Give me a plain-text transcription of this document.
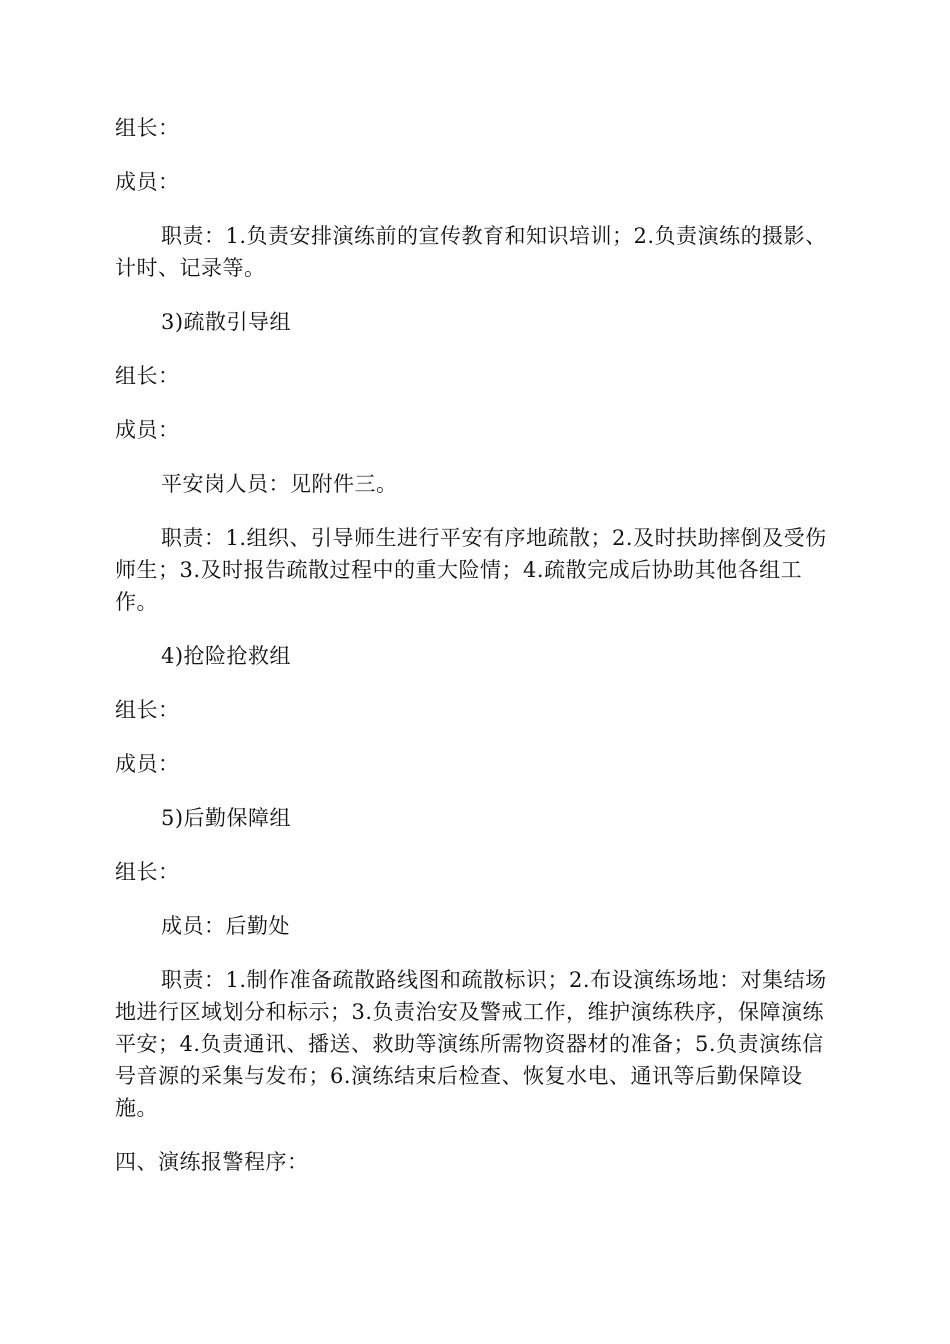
组长：

成员：

职责：1.负责安排演练前的宣传教育和知识培训；2.负责演练的摄影、计时、记录等。

3)疏散引导组

组长：

成员：

平安岗人员：见附件三。

职责：1.组织、引导师生进行平安有序地疏散；2.及时扶助摔倒及受伤师生；3.及时报告疏散过程中的重大险情；4.疏散完成后协助其他各组工作。

4)抢险抢救组

组长：

成员：

5)后勤保障组

组长：

成员：后勤处

职责：1.制作准备疏散路线图和疏散标识；2.布设演练场地：对集结场地进行区域划分和标示；3.负责治安及警戒工作，维护演练秩序，保障演练平安；4.负责通讯、播送、救助等演练所需物资器材的准备；5.负责演练信号音源的采集与发布；6.演练结束后检查、恢复水电、通讯等后勤保障设施。

四、演练报警程序：
